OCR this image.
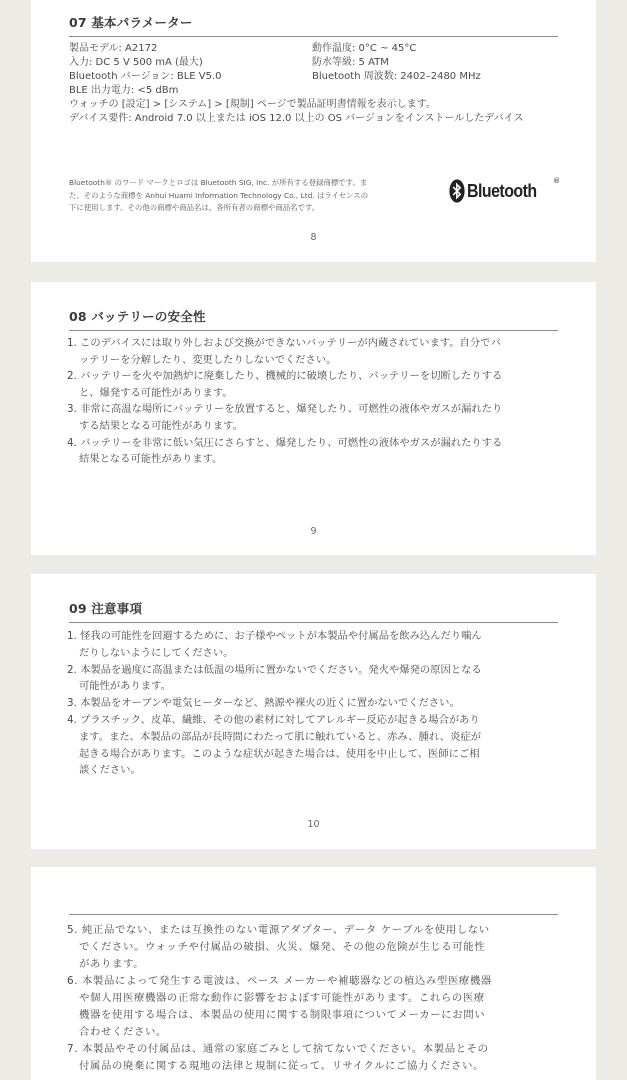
07 基本パラメーター
製品モデル: A2172	動作温度: 0°C ~ 45°C
入力: DC 5 V 500 mA (最大)	防水等級: 5 ATM
Bluetooth バージョン: BLE V5.0	Bluetooth 周波数: 2402–2480 MHz
BLE 出力電力: <5 dBm
ウォッチの [設定] > [システム] > [規制] ページで製品証明書情報を表示します。
デバイス要件: Android 7.0 以上または iOS 12.0 以上の OS バージョンをインストールしたデバイス
Bluetooth® のワード マークとロゴは Bluetooth SIG, Inc. が所有する登録商標です。ま
た、そのような商標を Anhui Huami Information Technology Co., Ltd. はライセンスの
下に使用します。その他の商標や商品名は、各所有者の商標や商品名です。
Bluetooth ®
8
08 バッテリーの安全性
1. このデバイスには取り外しおよび交換ができないバッテリーが内蔵されています。自分でバ
ッテリーを分解したり、変更したりしないでください。
2. バッテリーを火や加熱炉に廃棄したり、機械的に破壊したり、バッテリーを切断したりする
と、爆発する可能性があります。
3. 非常に高温な場所にバッテリーを放置すると、爆発したり、可燃性の液体やガスが漏れたり
する結果となる可能性があります。
4. バッテリーを非常に低い気圧にさらすと、爆発したり、可燃性の液体やガスが漏れたりする
結果となる可能性があります。
9
09 注意事項
1. 怪我の可能性を回避するために、お子様やペットが本製品や付属品を飲み込んだり噛ん
だりしないようにしてください。
2. 本製品を過度に高温または低温の場所に置かないでください。発火や爆発の原因となる
可能性があります。
3. 本製品をオーブンや電気ヒーターなど、熱源や裸火の近くに置かないでください。
4. プラスチック、皮革、繊維、その他の素材に対してアレルギー反応が起きる場合があり
ます。また、本製品の部品が長時間にわたって肌に触れていると、赤み、腫れ、炎症が
起きる場合があります。このような症状が起きた場合は、使用を中止して、医師にご相
談ください。
10
5. 純正品でない、または互換性のない電源アダプター、データ ケーブルを使用しない
でください。ウォッチや付属品の破損、火災、爆発、その他の危険が生じる可能性
があります。
6. 本製品によって発生する電波は、ペース メーカーや補聴器などの植込み型医療機器
や個人用医療機器の正常な動作に影響をおよぼす可能性があります。これらの医療
機器を使用する場合は、本製品の使用に関する制限事項についてメーカーにお問い
合わせください。
7. 本製品やその付属品は、通常の家庭ごみとして捨てないでください。本製品とその
付属品の廃棄に関する現地の法律と規制に従って、リサイクルにご協力ください。
